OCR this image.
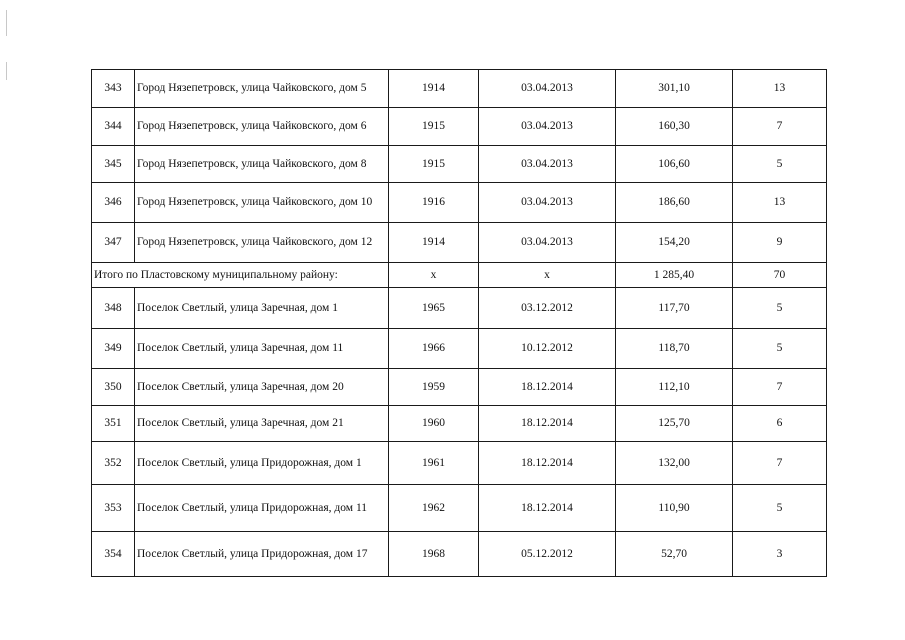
343	Город Нязепетровск, улица Чайковского, дом 5	1914	03.04.2013	301,10	13
344	Город Нязепетровск, улица Чайковского, дом 6	1915	03.04.2013	160,30	7
345	Город Нязепетровск, улица Чайковского, дом 8	1915	03.04.2013	106,60	5
346	Город Нязепетровск, улица Чайковского, дом 10	1916	03.04.2013	186,60	13
347	Город Нязепетровск, улица Чайковского, дом 12	1914	03.04.2013	154,20	9
Итого по Пластовскому муниципальному району:		х	х	1 285,40	70
348	Поселок Светлый, улица Заречная, дом 1	1965	03.12.2012	117,70	5
349	Поселок Светлый, улица Заречная, дом 11	1966	10.12.2012	118,70	5
350	Поселок Светлый, улица Заречная, дом 20	1959	18.12.2014	112,10	7
351	Поселок Светлый, улица Заречная, дом 21	1960	18.12.2014	125,70	6
352	Поселок Светлый, улица Придорожная, дом 1	1961	18.12.2014	132,00	7
353	Поселок Светлый, улица Придорожная, дом 11	1962	18.12.2014	110,90	5
354	Поселок Светлый, улица Придорожная, дом 17	1968	05.12.2012	52,70	3
